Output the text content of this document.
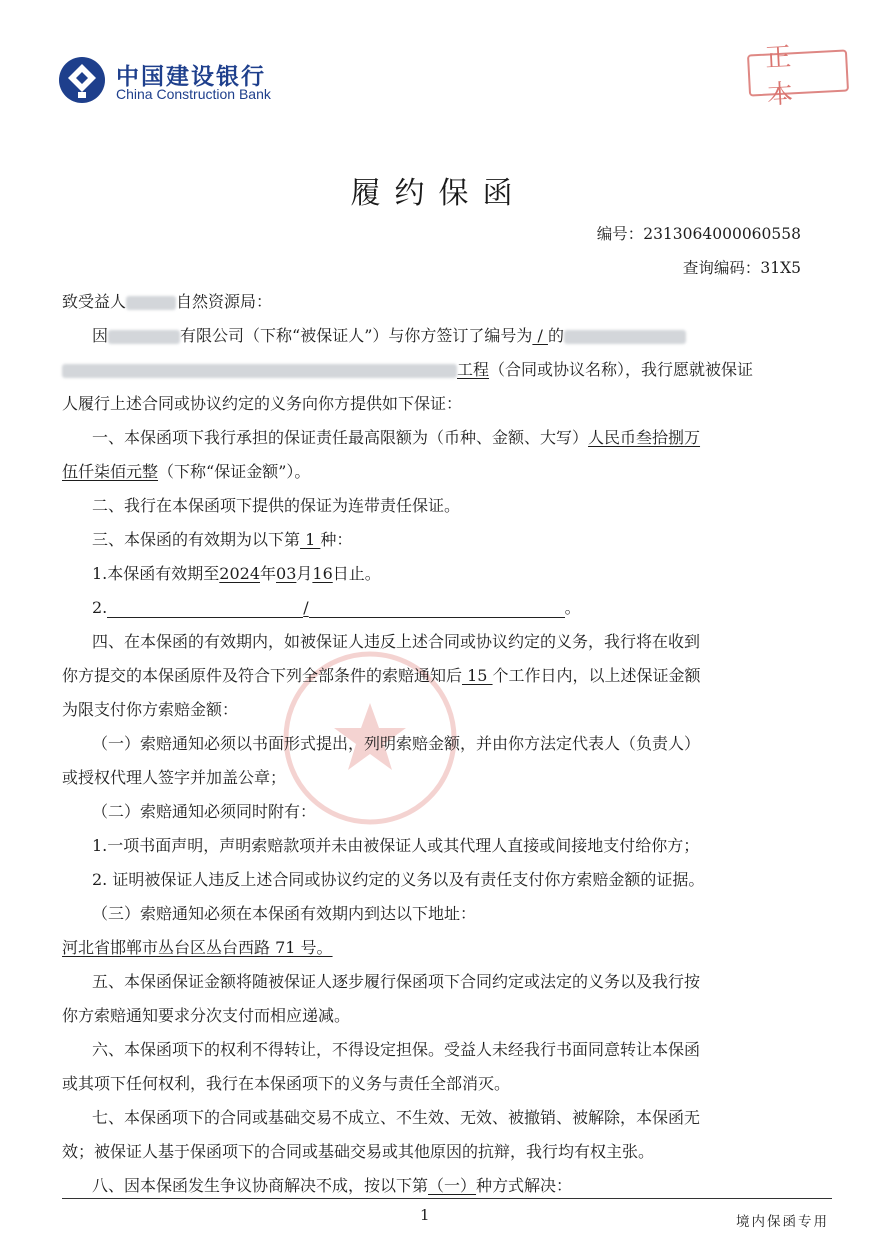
中国建设银行
China Construction Bank
正本
履约保函
编号：2313064000060558
查询编码：31X5
致受益人	自然资源局：
因	有限公司（下称“被保证人”）与你方签订了编号为 / 的
工程（合同或协议名称），我行愿就被保证
人履行上述合同或协议约定的义务向你方提供如下保证：
一、本保函项下我行承担的保证责任最高限额为（币种、金额、大写）人民币叁拾捌万
伍仟柒佰元整（下称“保证金额”）。
二、我行在本保函项下提供的保证为连带责任保证。
三、本保函的有效期为以下第 1 种：
1.本保函有效期至2024年03月16日止。
2.	/	。
四、在本保函的有效期内，如被保证人违反上述合同或协议约定的义务，我行将在收到
你方提交的本保函原件及符合下列全部条件的索赔通知后 15 个工作日内，以上述保证金额
为限支付你方索赔金额：
（一）索赔通知必须以书面形式提出，列明索赔金额，并由你方法定代表人（负责人）
或授权代理人签字并加盖公章；
（二）索赔通知必须同时附有：
1.一项书面声明，声明索赔款项并未由被保证人或其代理人直接或间接地支付给你方；
2. 证明被保证人违反上述合同或协议约定的义务以及有责任支付你方索赔金额的证据。
（三）索赔通知必须在本保函有效期内到达以下地址：
河北省邯郸市丛台区丛台西路 71 号。
五、本保函保证金额将随被保证人逐步履行保函项下合同约定或法定的义务以及我行按
你方索赔通知要求分次支付而相应递减。
六、本保函项下的权利不得转让，不得设定担保。受益人未经我行书面同意转让本保函
或其项下任何权利，我行在本保函项下的义务与责任全部消灭。
七、本保函项下的合同或基础交易不成立、不生效、无效、被撤销、被解除，本保函无
效；被保证人基于保函项下的合同或基础交易或其他原因的抗辩，我行均有权主张。
八、因本保函发生争议协商解决不成，按以下第（一）种方式解决：
1	境内保函专用
